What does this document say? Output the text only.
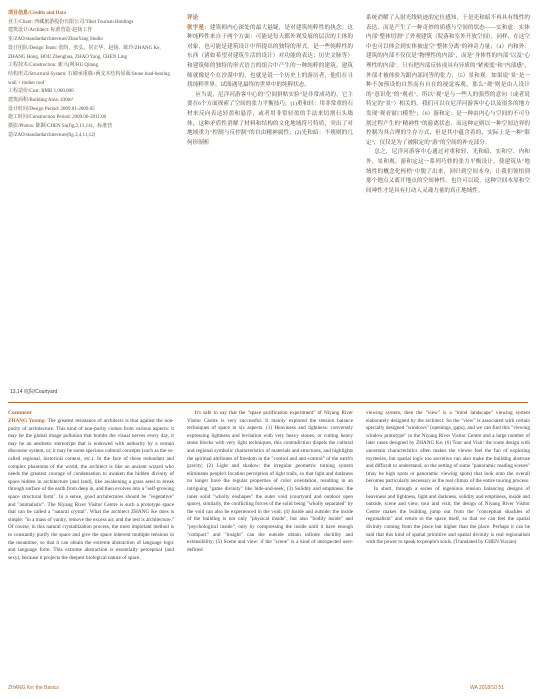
项目信息/Credits and Data
业主/Client: 西藏旅游股份有限公司/Tibet Tourism Holdings
建筑设计/Architect: 标准营造·赵扬工作室/ZAO/standardarchitecture/ZhaoYang Studio
设计团队/Design Team: 张昀、张弘、侯正华、赵扬、陈玲/ZHANG Ke, ZHANG Hong, HOU Zhenghua, ZHAO Yang, CHEN Ling
工程技术/Construction: 新兴(网/HU Qilang
结构形式/Structural System: 石砌承重墙+两支木结构屋面/Stone load-bearing wall + timber roof
工程造价/Cost: RMB 1,000,000
建筑面积/Building Area: 430m²
设计时间/Design Period: 2009.01-2009.05
施工时间/Construction Period: 2009.06-2011.06
摄影/Photos: 陈颢/CHEN Su(fig.2,13,14)、标准营造/ZAO/standardarchitecture(fig.3,4,11,12)
13,14 庭院/Courtyard
评论

张宇星：建筑师内心深处的最大悬疑，是对建筑纯粹性的执念。这种纯粹性来自于两个方面：可能是每天都外观发展的层次的主体的对象，也可能是建筑设计中所提出的独特的形式。是一些纯粹性的东西（诸如希望对建筑生活的设计）对功能的表达；历史文脉等）和建筑师的独特的形式语言的组合中产生的一种纯粹的建筑。建筑师就像是个在沙漠中的，也就是说一个历史上的游历者，他们在寻找纯粹世界，试图遇见最终的世界中的纯粹状态。

应当说，尼洋河游客中心的"空间拼贴实验"是非常成功的，它主要在6个方面探索了空间的张力平衡技巧。(1)重和轻：用非常重的石材来反向表达轻盈和悬浮，或者用非常轻盈的手法来切割石头墙体，这种矛盾性消解了材料和结构的文化地域符号特质，突出了对地域重力"控制与反控制"的自由精神属性；(2)光和暗：不规则的几何形制析

系统消解了入射光线轨迹的定位感知，于是光和暗不再具有线性的表达，而是产生了一种奇妙的质感与空间的状态——实和虚：实体内部"整体切割"了外观建筑（院落和室外开放空间），同样，在这空中也可以体会到实体被虚空"整体分离"的神奇力量；（4）内和外：建筑的内部不仅仅是"物理性的内部"，而是"身体性的内部"以及"心理性的内部"。只有把内部反转成具有异质的"紧密度"和"内部感"，外部才被体验为跟内部同等的张力；（5）景和观：如果说"景"是一种不加预设的自然而有自在的视觉客观，那么"观"则是由人设计的"意识化"的"观看"。所以"观"是与一些人的强烈的意向（或者说特定的"景"）相关的，我们可以在尼洋河游客中心以及很多的地方发现"观看窗口模型"；（6）游和定：是一种由内心与空间的不可分割过程产生的"精神性"的游离状态，而这种定则以一种空间边界的控制为其合理的生存方式，但是其中蕴含着的，实际上是一种"限定"，仅仅是为了被限定的"游"的空间的补充部分。

总之，尼洋河游客中心通过对重和轻、光和暗、实和空、内和外、景和观、游和定这一系列巧妙的张力平衡设计，使建筑从"地域性的概念化桎梏"中脱了出来，回归到空间本身，让我们领悟到那个地点又离开地点的空间神性，也许可以说，这种空间本原和空间神性才是具有打动人灵魂力量的真正地域性。

Comment

ZHANG Yuxing: The greatest resistance of architects is that against the non-purity of architecture. This kind of non-purity comes from various aspects: it may be the global image pollution that bombs the visual nerves every day, it may be an aesthetic stereotype that is endowed with authority by a certain discourse system, or, it may be some specious cultural concepts (such as the so-called regional, historical context, etc.). In the face of these redundant and complex phantoms of the world, the architect is like an ancient wizard who needs the greatest courage of condensation to awaken the hidden divinity of space hidden in architecture (and land), like awakening a grass seed to break through surface of the earth from deep in, and then evolves into a "self-growing space structural form". In a sense, good architectures should be "vegetative" and "animalistic". The Niyang River Visitor Centre is such a prototype space that can be called a "natural crystal". What the architect ZHANG Ke does is simple: "in a mass of vanity, remove the excess air, and the rest is architecture." Of course, in this natural crystallization process, the most important method is to constantly purify the space and give the space inherent multiple tensions in the meantime, so that it can obtain the extreme abstraction of language logic and language form. This extreme abstraction is essentially perceptual (and sexy), because it projects the deepest biological nature of space.

It's safe to say that the "space purification experiment" of Niyang River Visitor Centre is very successful. It mainly explored the tension balance techniques of space in six aspects. (1) Heaviness and lightness: conversely expressing lightness and levitation with very heavy stones, or cutting heavy stone blocks with very light techniques, this contradiction dispels the cultural and regional symbolic characteristics of materials and structures, and highlights the spiritual attributes of freedom in the "control and anti-control" of the earth's gravity; (2) Light and shadow: the irregular geometric turning system eliminates people's location perception of light trails, so that light and darkness no longer have the regular properties of color orientation, resulting in an intriguing "game divinity" like hide-and-seek; (3) Solidity and emptiness: the inner solid "wholly enshapes" the outer void (courtyard and outdoor open space), similarly, the conflicting forces of the solid being "wholly separated" by the void can also be experienced in the void; (4) Inside and outside: the inside of the building is not only "physical inside", but also "bodily inside" and "psychological inside", only by compressing the inside until it have enough "compact" and "insight" can the outside obtain infinite ductility and extensibility; (5) Scene and view: if the "scene" is a kind of unexpected user-defined

viewing system, then the "view" is a "mind landscape" viewing system elaborately designed by the architect. So the "view" is associated with certain specially designed "windows" (openings, gaps), and we can find this "viewing window prototype" in the Niyang River Visitor Centre and a large number of later cases designed by ZHANG Ke; (6) Tour and Visit: the route design with uncertain characteristics often makes the viewer feel the fun of exploring mysteries, but spatial logic too secretive can also make the building abstruse and difficult to understand, so the setting of some "panoramic reading scenes" (may be high spots or panoramic viewing spots) that look onto the overall becomes particularly necessary as the real climax of the entire touring process.

In short, through a series of ingenious tension balancing designs of heaviness and lightness, light and darkness, solidity and emptiness, inside and outside, scene and view, tour and visit, the design of Niyang River Visitor Centre makes the building jump out from the "conceptual shackles of regionalism" and return to the space itself, so that we can feel the spatial divinity coming from the place but higher than the place. Perhaps it can be said that this kind of spatial primitive and spatial divinity is real regionalism with the power to speak to people's souls. (Translated by CHEN Yuxiao)

ZHANG Ke: the Basics	WA 2018/10 51
